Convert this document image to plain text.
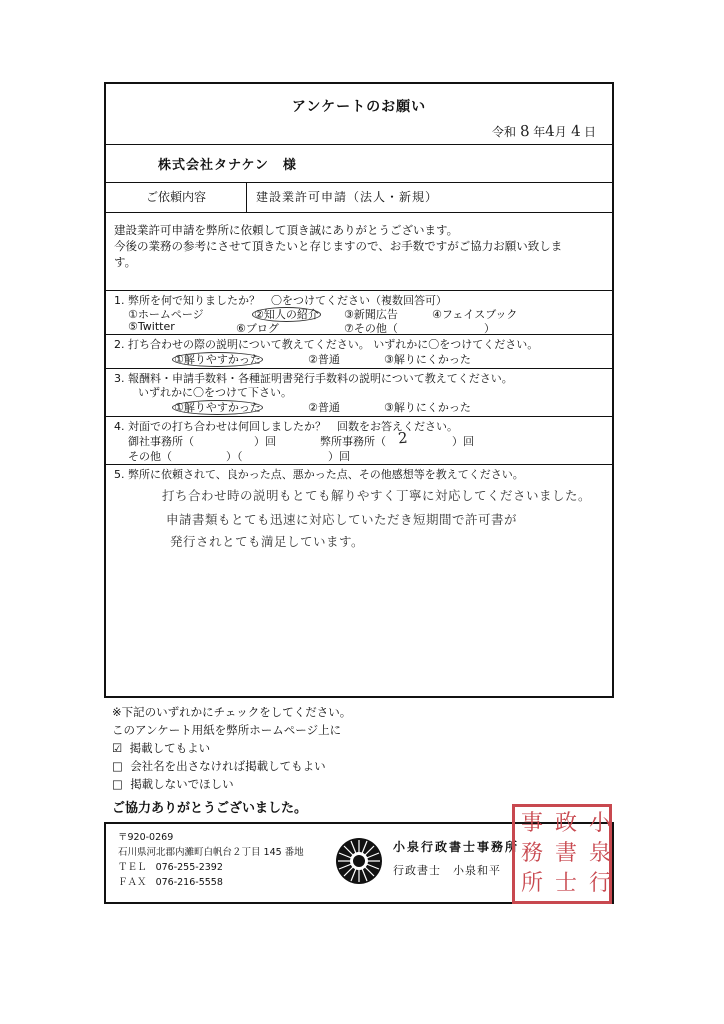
アンケートのお願い
令和 8 年4月 4 日
株式会社タナケン　様
ご依頼内容	建設業許可申請（法人・新規）

建設業許可申請を弊所に依頼して頂き誠にありがとうございます。

今後の業務の参考にさせて頂きたいと存じますので、お手数ですがご協力お願い致しま

す。

1. 弊所を何で知りましたか？　〇をつけてください（複数回答可）
①ホームページ	②知人の紹介 ③新聞広告	④フェイスブック
⑤Twitter	⑥ブログ	⑦その他（	）
2. 打ち合わせの際の説明について教えてください。 いずれかに〇をつけてください。
①解りやすかった	②普通	③解りにくかった
3. 報酬料・申請手数料・各種証明書発行手数料の説明について教えてください。
いずれかに〇をつけて下さい。
①解りやすかった	②普通	③解りにくかった
4. 対面での打ち合わせは何回しましたか？　回数をお答えください。
御社事務所（	）回	弊所事務所（ 2	）回
その他（	）（	）回
5. 弊所に依頼されて、良かった点、悪かった点、その他感想等を教えてください。
打ち合わせ時の説明もとても解りやすく丁寧に対応してくださいました。
申請書類もとても迅速に対応していただき短期間で許可書が
発行されとても満足しています。
※下記のいずれかにチェックをしてください。
このアンケート用紙を弊所ホームページ上に
☑ 掲載してもよい
□ 会社名を出さなければ掲載してもよい
□ 掲載しないでほしい
ご協力ありがとうございました。
〒920-0269
石川県河北郡内灘町白帆台２丁目 145 番地
ＴＥＬ 076-255-2392
ＦＡＸ 076-216-5558
小泉行政書士事務所
行政書士　小泉和平
小
泉
行
政
書
士
事
務
所
